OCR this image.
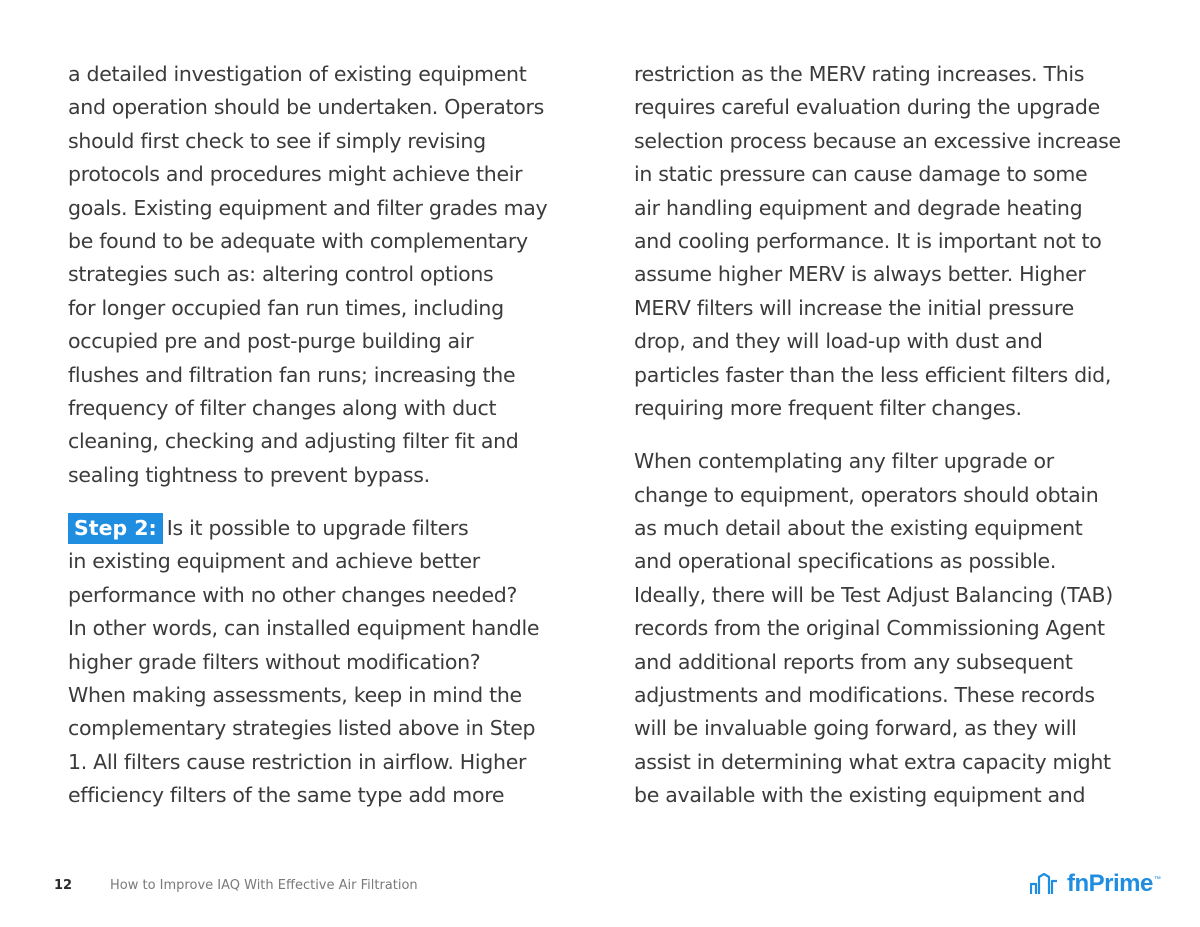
a detailed investigation of existing equipment
and operation should be undertaken. Operators
should first check to see if simply revising
protocols and procedures might achieve their
goals. Existing equipment and filter grades may
be found to be adequate with complementary
strategies such as: altering control options
for longer occupied fan run times, including
occupied pre and post-purge building air
flushes and filtration fan runs; increasing the
frequency of filter changes along with duct
cleaning, checking and adjusting filter fit and
sealing tightness to prevent bypass.
Step 2: Is it possible to upgrade filters
in existing equipment and achieve better
performance with no other changes needed?
In other words, can installed equipment handle
higher grade filters without modification?
When making assessments, keep in mind the
complementary strategies listed above in Step
1. All filters cause restriction in airflow. Higher
efficiency filters of the same type add more
restriction as the MERV rating increases. This
requires careful evaluation during the upgrade
selection process because an excessive increase
in static pressure can cause damage to some
air handling equipment and degrade heating
and cooling performance. It is important not to
assume higher MERV is always better. Higher
MERV filters will increase the initial pressure
drop, and they will load-up with dust and
particles faster than the less efficient filters did,
requiring more frequent filter changes.
When contemplating any filter upgrade or
change to equipment, operators should obtain
as much detail about the existing equipment
and operational specifications as possible.
Ideally, there will be Test Adjust Balancing (TAB)
records from the original Commissioning Agent
and additional reports from any subsequent
adjustments and modifications. These records
will be invaluable going forward, as they will
assist in determining what extra capacity might
be available with the existing equipment and
12	How to Improve IAQ With Effective Air Filtration	fnPrime ™
